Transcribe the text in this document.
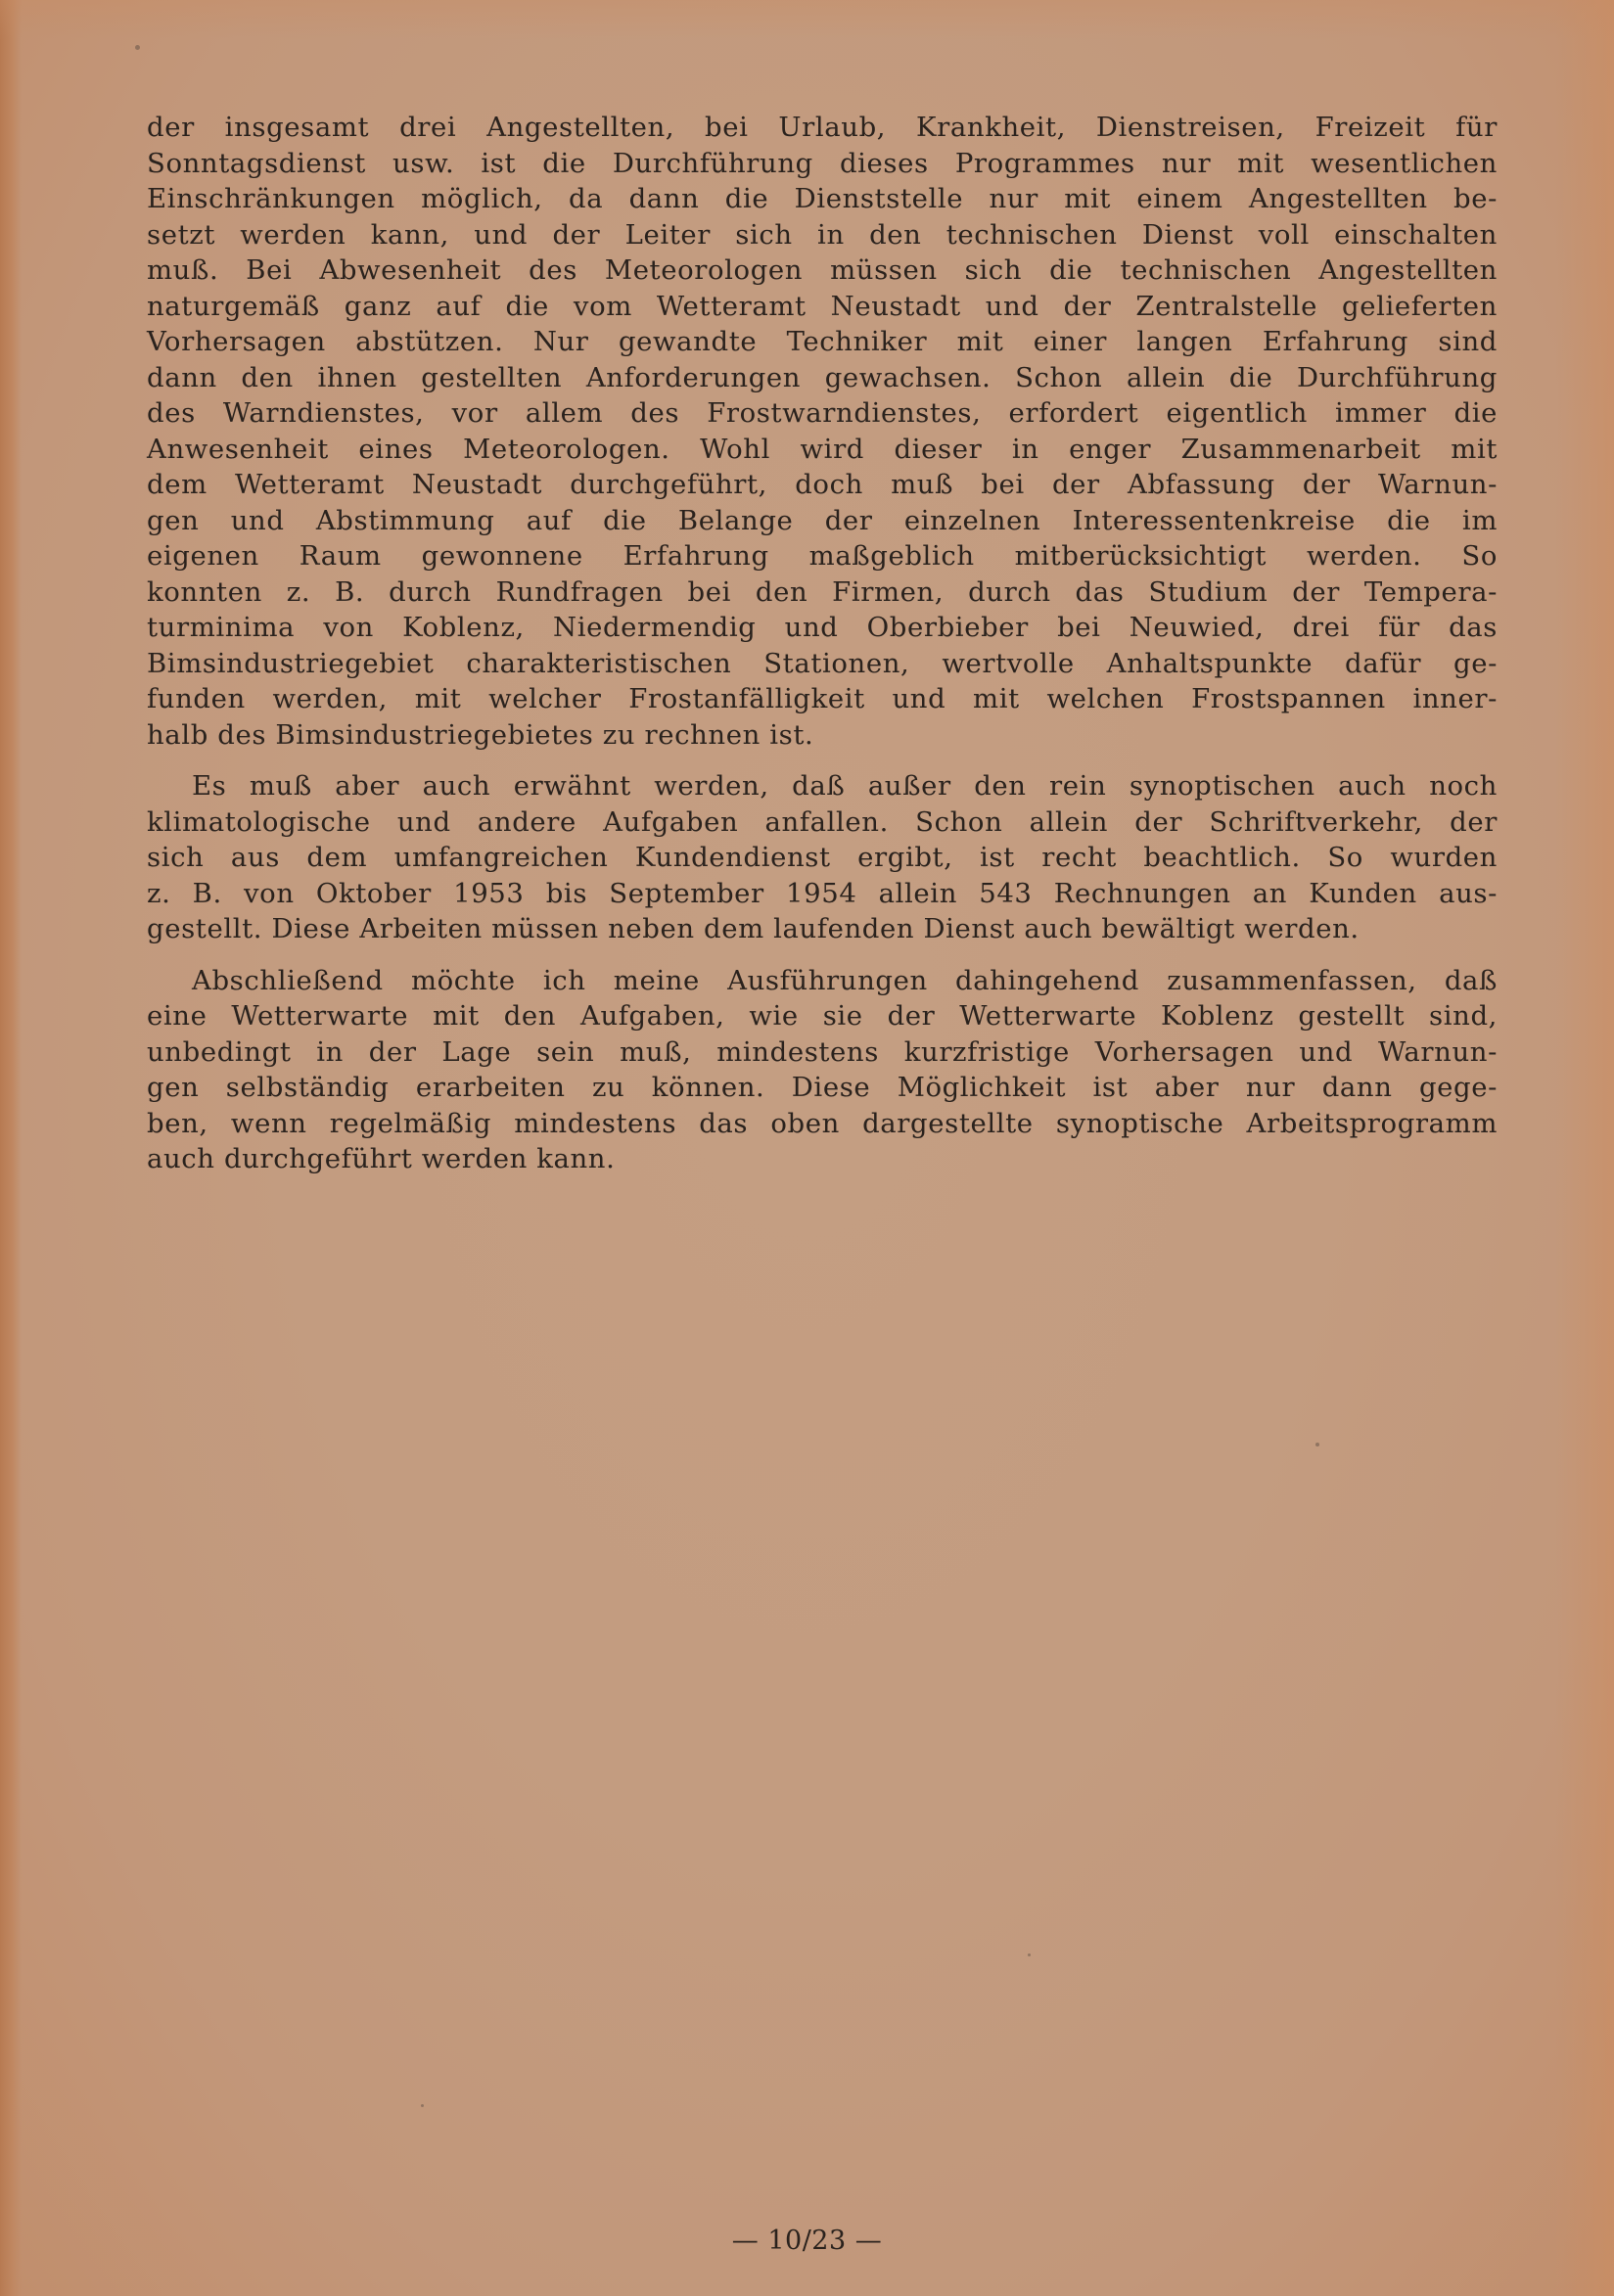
der insgesamt drei Angestellten, bei Urlaub, Krankheit, Dienstreisen, Freizeit für
Sonntagsdienst usw. ist die Durchführung dieses Programmes nur mit wesentlichen
Einschränkungen möglich, da dann die Dienststelle nur mit einem Angestellten be-
setzt werden kann, und der Leiter sich in den technischen Dienst voll einschalten
muß. Bei Abwesenheit des Meteorologen müssen sich die technischen Angestellten
naturgemäß ganz auf die vom Wetteramt Neustadt und der Zentralstelle gelieferten
Vorhersagen abstützen. Nur gewandte Techniker mit einer langen Erfahrung sind
dann den ihnen gestellten Anforderungen gewachsen. Schon allein die Durchführung
des Warndienstes, vor allem des Frostwarndienstes, erfordert eigentlich immer die
Anwesenheit eines Meteorologen. Wohl wird dieser in enger Zusammenarbeit mit
dem Wetteramt Neustadt durchgeführt, doch muß bei der Abfassung der Warnun-
gen und Abstimmung auf die Belange der einzelnen Interessentenkreise die im
eigenen Raum gewonnene Erfahrung maßgeblich mitberücksichtigt werden. So
konnten z. B. durch Rundfragen bei den Firmen, durch das Studium der Tempera-
turminima von Koblenz, Niedermendig und Oberbieber bei Neuwied, drei für das
Bimsindustriegebiet charakteristischen Stationen, wertvolle Anhaltspunkte dafür ge-
funden werden, mit welcher Frostanfälligkeit und mit welchen Frostspannen inner-
halb des Bimsindustriegebietes zu rechnen ist.
Es muß aber auch erwähnt werden, daß außer den rein synoptischen auch noch
klimatologische und andere Aufgaben anfallen. Schon allein der Schriftverkehr, der
sich aus dem umfangreichen Kundendienst ergibt, ist recht beachtlich. So wurden
z. B. von Oktober 1953 bis September 1954 allein 543 Rechnungen an Kunden aus-
gestellt. Diese Arbeiten müssen neben dem laufenden Dienst auch bewältigt werden.
Abschließend möchte ich meine Ausführungen dahingehend zusammenfassen, daß
eine Wetterwarte mit den Aufgaben, wie sie der Wetterwarte Koblenz gestellt sind,
unbedingt in der Lage sein muß, mindestens kurzfristige Vorhersagen und Warnun-
gen selbständig erarbeiten zu können. Diese Möglichkeit ist aber nur dann gege-
ben, wenn regelmäßig mindestens das oben dargestellte synoptische Arbeitsprogramm
auch durchgeführt werden kann.
— 10/23 —
